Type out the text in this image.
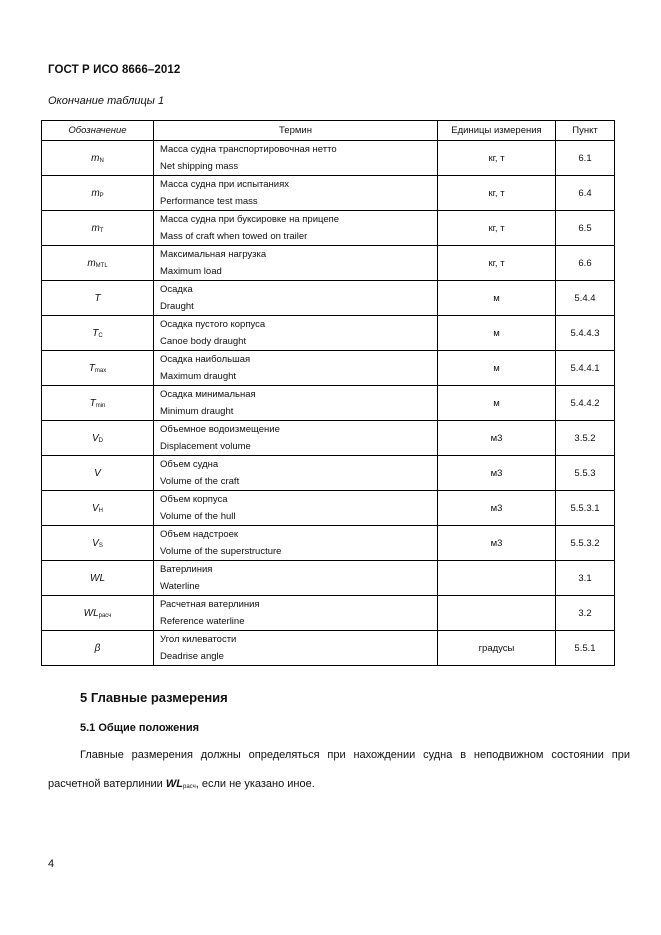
ГОСТ Р ИСО 8666–2012
Окончание таблицы 1
Обозначение	Термин	Единицы измерения	Пункт
mN	Масса судна транспортировочная нетто
Net shipping mass	кг, т	6.1
mP	Масса судна при испытаниях
Performance test mass	кг, т	6.4
mT	Масса судна при буксировке на прицепе
Mass of craft when towed on trailer	кг, т	6.5
mMTL	Максимальная нагрузка
Maximum load	кг, т	6.6
T	Осадка
Draught	м	5.4.4
TC	Осадка пустого корпуса
Canoe body draught	м	5.4.4.3
Tmax	Осадка наибольшая
Maximum draught	м	5.4.4.1
Tmin	Осадка минимальная
Minimum draught	м	5.4.4.2
VD	Объемное водоизмещение
Displacement volume	м3	3.5.2
V	Объем судна
Volume of the craft	м3	5.5.3
VH	Объем корпуса
Volume of the hull	м3	5.5.3.1
VS	Объем надстроек
Volume of the superstructure	м3	5.5.3.2
WL	Ватерлиния
Waterline		3.1
WLрасч	Расчетная ватерлиния
Reference waterline		3.2
β	Угол килеватости
Deadrise angle	градусы	5.5.1
5 Главные размерения
5.1 Общие положения
Главные размерения должны определяться при нахождении судна в неподвижном состоянии при
расчетной ватерлинии WLрасч, если не указано иное.
4
